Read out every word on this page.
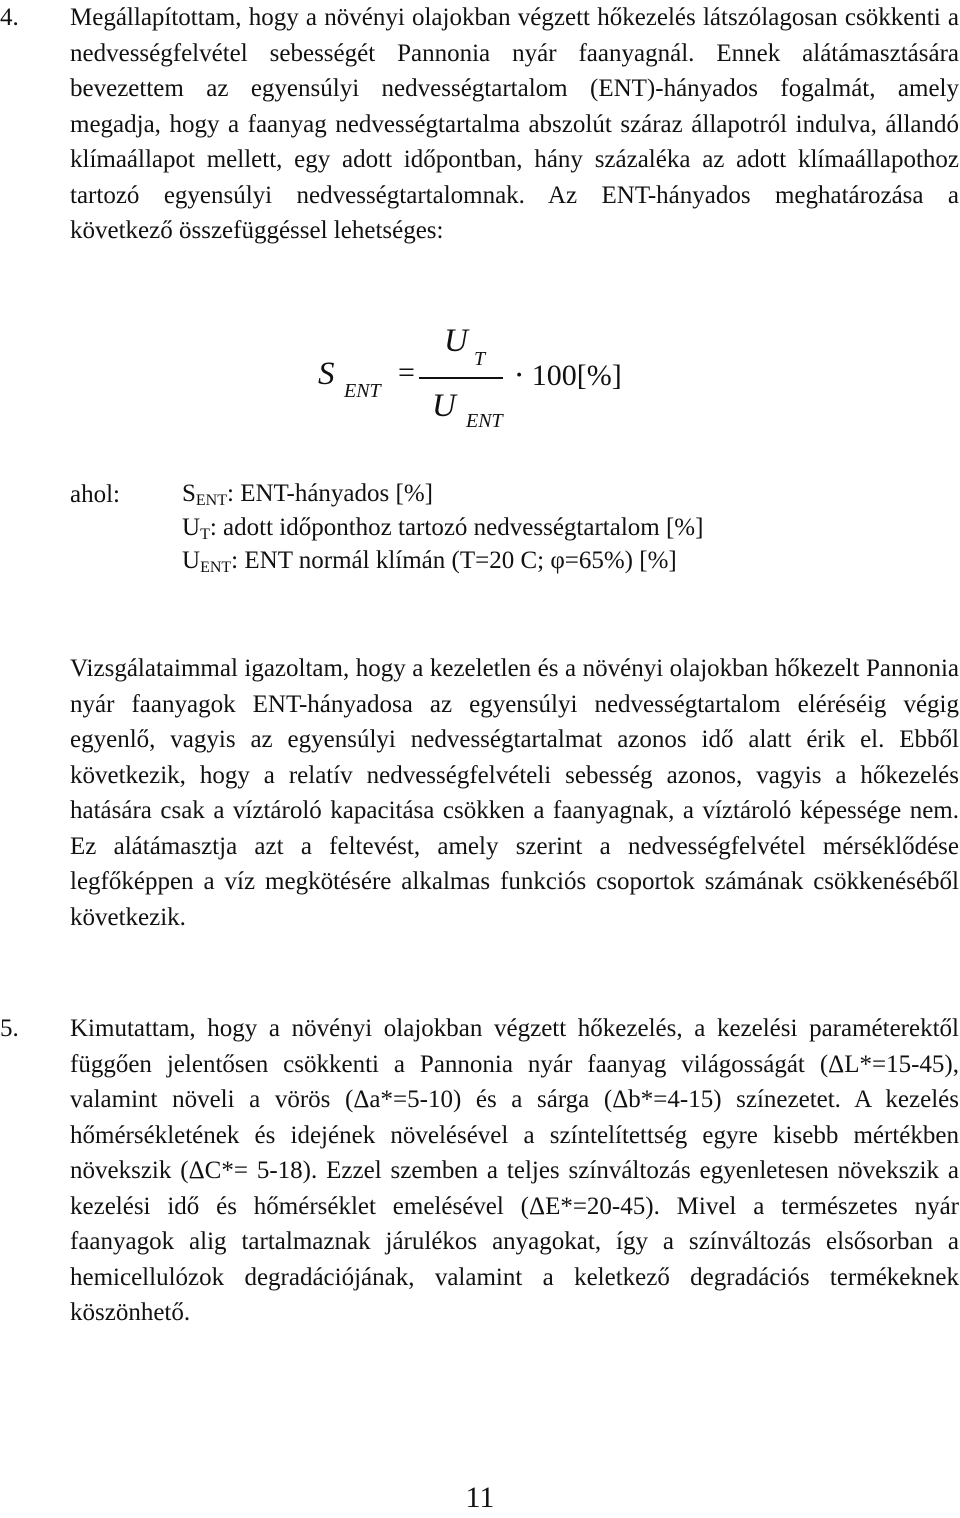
4. Megállapítottam, hogy a növényi olajokban végzett hőkezelés látszólagosan csökkenti a nedvességfelvétel sebességét Pannonia nyár faanyagnál. Ennek alátámasztására bevezettem az egyensúlyi nedvességtartalom (ENT)-hányados fogalmát, amely megadja, hogy a faanyag nedvességtartalma abszolút száraz állapotról indulva, állandó klímaállapot mellett, egy adott időpontban, hány százaléka az adott klímaállapothoz tartozó egyensúlyi nedvességtartalomnak. Az ENT-hányados meghatározása a következő összefüggéssel lehetséges:

S ENT
=
U T
U ENT
⋅ 100[%]
ahol: $S_{ENT}$: ENT-hányados [%]
$U_T$: adott időponthoz tartozó nedvességtartalom [%]
$U_{ENT}$: ENT normál klímán (T=20 C; φ=65%) [%]

Vizsgálataimmal igazoltam, hogy a kezeletlen és a növényi olajokban hőkezelt Pannonia nyár faanyagok ENT-hányadosa az egyensúlyi nedvességtartalom eléréséig végig egyenlő, vagyis az egyensúlyi nedvességtartalmat azonos idő alatt érik el. Ebből következik, hogy a relatív nedvességfelvételi sebesség azonos, vagyis a hőkezelés hatására csak a víztároló kapacitása csökken a faanyagnak, a víztároló képessége nem. Ez alátámasztja azt a feltevést, amely szerint a nedvességfelvétel mérséklődése legfőképpen a víz megkötésére alkalmas funkciós csoportok számának csökkenéséből következik.

5. Kimutattam, hogy a növényi olajokban végzett hőkezelés, a kezelési paraméterektől függően jelentősen csökkenti a Pannonia nyár faanyag világosságát (ΔL*=15-45), valamint növeli a vörös (Δa*=5-10) és a sárga (Δb*=4-15) színezetet. A kezelés hőmérsékletének és idejének növelésével a színtelítettség egyre kisebb mértékben növekszik (ΔC*= 5-18). Ezzel szemben a teljes színváltozás egyenletesen növekszik a kezelési idő és hőmérséklet emelésével (ΔE*=20-45). Mivel a természetes nyár faanyagok alig tartalmaznak járulékos anyagokat, így a színváltozás elsősorban a hemicellulózok degradációjának, valamint a keletkező degradációs termékeknek köszönhető.

11
